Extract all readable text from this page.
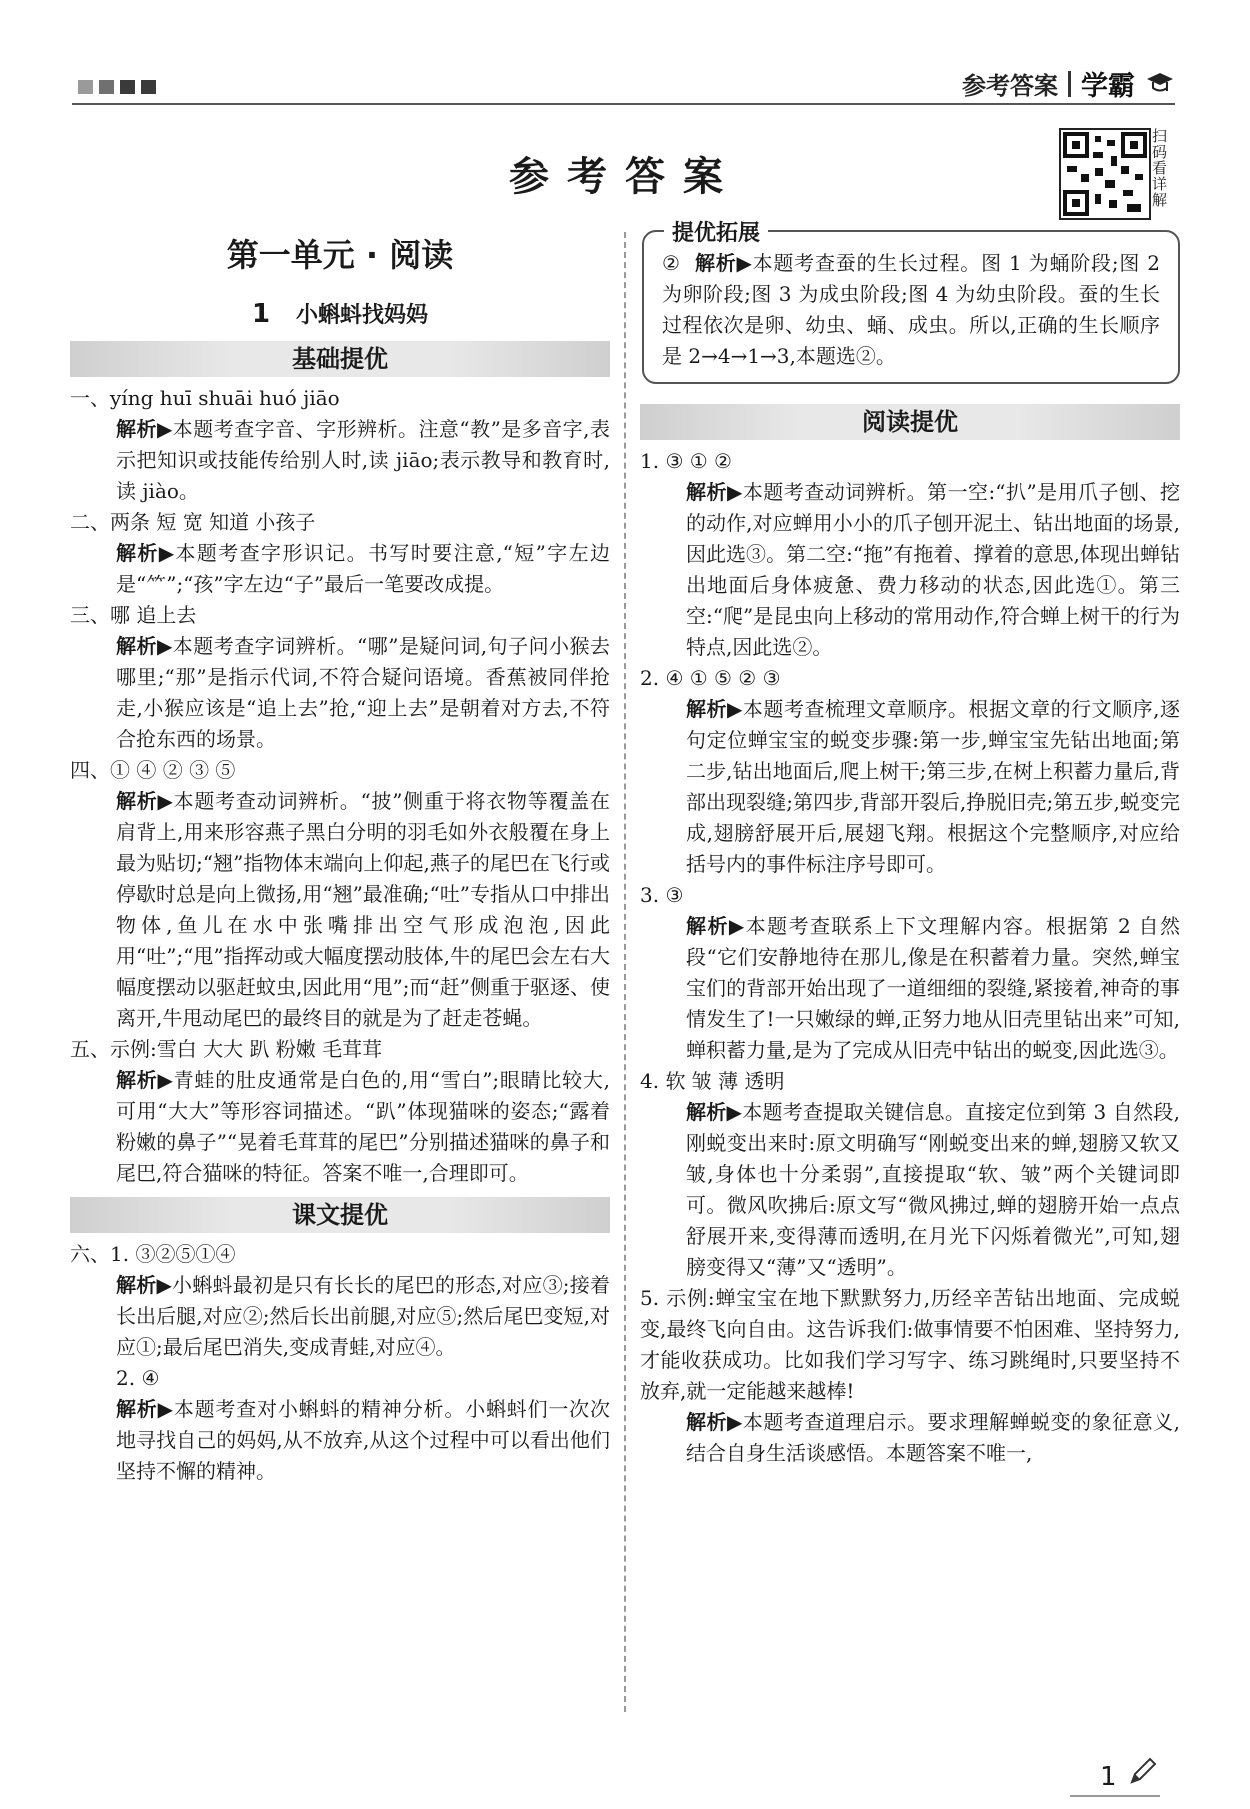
参考答案 学霸
参考答案
扫码看详解
第一单元 · 阅读
1 小蝌蚪找妈妈
基础提优

一、yíng huī shuāi huó jiāo

解析▶本题考查字音、字形辨析。注意“教”是多音字,表示把知识或技能传给别人时,读 jiāo;表示教导和教育时,读 jiào。

二、两条 短 宽 知道 小孩子

解析▶本题考查字形识记。书写时要注意,“短”字左边是“⺮”;“孩”字左边“子”最后一笔要改成提。

三、哪 追上去

解析▶本题考查字词辨析。“哪”是疑问词,句子问小猴去哪里;“那”是指示代词,不符合疑问语境。香蕉被同伴抢走,小猴应该是“追上去”抢,“迎上去”是朝着对方去,不符合抢东西的场景。

四、① ④ ② ③ ⑤

解析▶本题考查动词辨析。“披”侧重于将衣物等覆盖在肩背上,用来形容燕子黑白分明的羽毛如外衣般覆在身上最为贴切;“翘”指物体末端向上仰起,燕子的尾巴在飞行或停歇时总是向上微扬,用“翘”最准确;“吐”专指从口中排出物体,鱼儿在水中张嘴排出空气形成泡泡,因此用“吐”;“甩”指挥动或大幅度摆动肢体,牛的尾巴会左右大幅度摆动以驱赶蚊虫,因此用“甩”;而“赶”侧重于驱逐、使离开,牛甩动尾巴的最终目的就是为了赶走苍蝇。

五、示例:雪白 大大 趴 粉嫩 毛茸茸

解析▶青蛙的肚皮通常是白色的,用“雪白”;眼睛比较大,可用“大大”等形容词描述。“趴”体现猫咪的姿态;“露着粉嫩的鼻子”“晃着毛茸茸的尾巴”分别描述猫咪的鼻子和尾巴,符合猫咪的特征。答案不唯一,合理即可。

课文提优

六、1. ③②⑤①④

解析▶小蝌蚪最初是只有长长的尾巴的形态,对应③;接着长出后腿,对应②;然后长出前腿,对应⑤;然后尾巴变短,对应①;最后尾巴消失,变成青蛙,对应④。

2. ④

解析▶本题考查对小蝌蚪的精神分析。小蝌蚪们一次次地寻找自己的妈妈,从不放弃,从这个过程中可以看出他们坚持不懈的精神。

提优拓展

② 解析▶本题考查蚕的生长过程。图 1 为蛹阶段;图 2 为卵阶段;图 3 为成虫阶段;图 4 为幼虫阶段。蚕的生长过程依次是卵、幼虫、蛹、成虫。所以,正确的生长顺序是 2→4→1→3,本题选②。

阅读提优

1. ③ ① ②

解析▶本题考查动词辨析。第一空:“扒”是用爪子刨、挖的动作,对应蝉用小小的爪子刨开泥土、钻出地面的场景,因此选③。第二空:“拖”有拖着、撑着的意思,体现出蝉钻出地面后身体疲惫、费力移动的状态,因此选①。第三空:“爬”是昆虫向上移动的常用动作,符合蝉上树干的行为特点,因此选②。

2. ④ ① ⑤ ② ③

解析▶本题考查梳理文章顺序。根据文章的行文顺序,逐句定位蝉宝宝的蜕变步骤:第一步,蝉宝宝先钻出地面;第二步,钻出地面后,爬上树干;第三步,在树上积蓄力量后,背部出现裂缝;第四步,背部开裂后,挣脱旧壳;第五步,蜕变完成,翅膀舒展开后,展翅飞翔。根据这个完整顺序,对应给括号内的事件标注序号即可。

3. ③

解析▶本题考查联系上下文理解内容。根据第 2 自然段“它们安静地待在那儿,像是在积蓄着力量。突然,蝉宝宝们的背部开始出现了一道细细的裂缝,紧接着,神奇的事情发生了!一只嫩绿的蝉,正努力地从旧壳里钻出来”可知,蝉积蓄力量,是为了完成从旧壳中钻出的蜕变,因此选③。

4. 软 皱 薄 透明

解析▶本题考查提取关键信息。直接定位到第 3 自然段,刚蜕变出来时:原文明确写“刚蜕变出来的蝉,翅膀又软又皱,身体也十分柔弱”,直接提取“软、皱”两个关键词即可。微风吹拂后:原文写“微风拂过,蝉的翅膀开始一点点舒展开来,变得薄而透明,在月光下闪烁着微光”,可知,翅膀变得又“薄”又“透明”。

5. 示例:蝉宝宝在地下默默努力,历经辛苦钻出地面、完成蜕变,最终飞向自由。这告诉我们:做事情要不怕困难、坚持努力,才能收获成功。比如我们学习写字、练习跳绳时,只要坚持不放弃,就一定能越来越棒!

解析▶本题考查道理启示。要求理解蝉蜕变的象征意义,结合自身生活谈感悟。本题答案不唯一,

1
